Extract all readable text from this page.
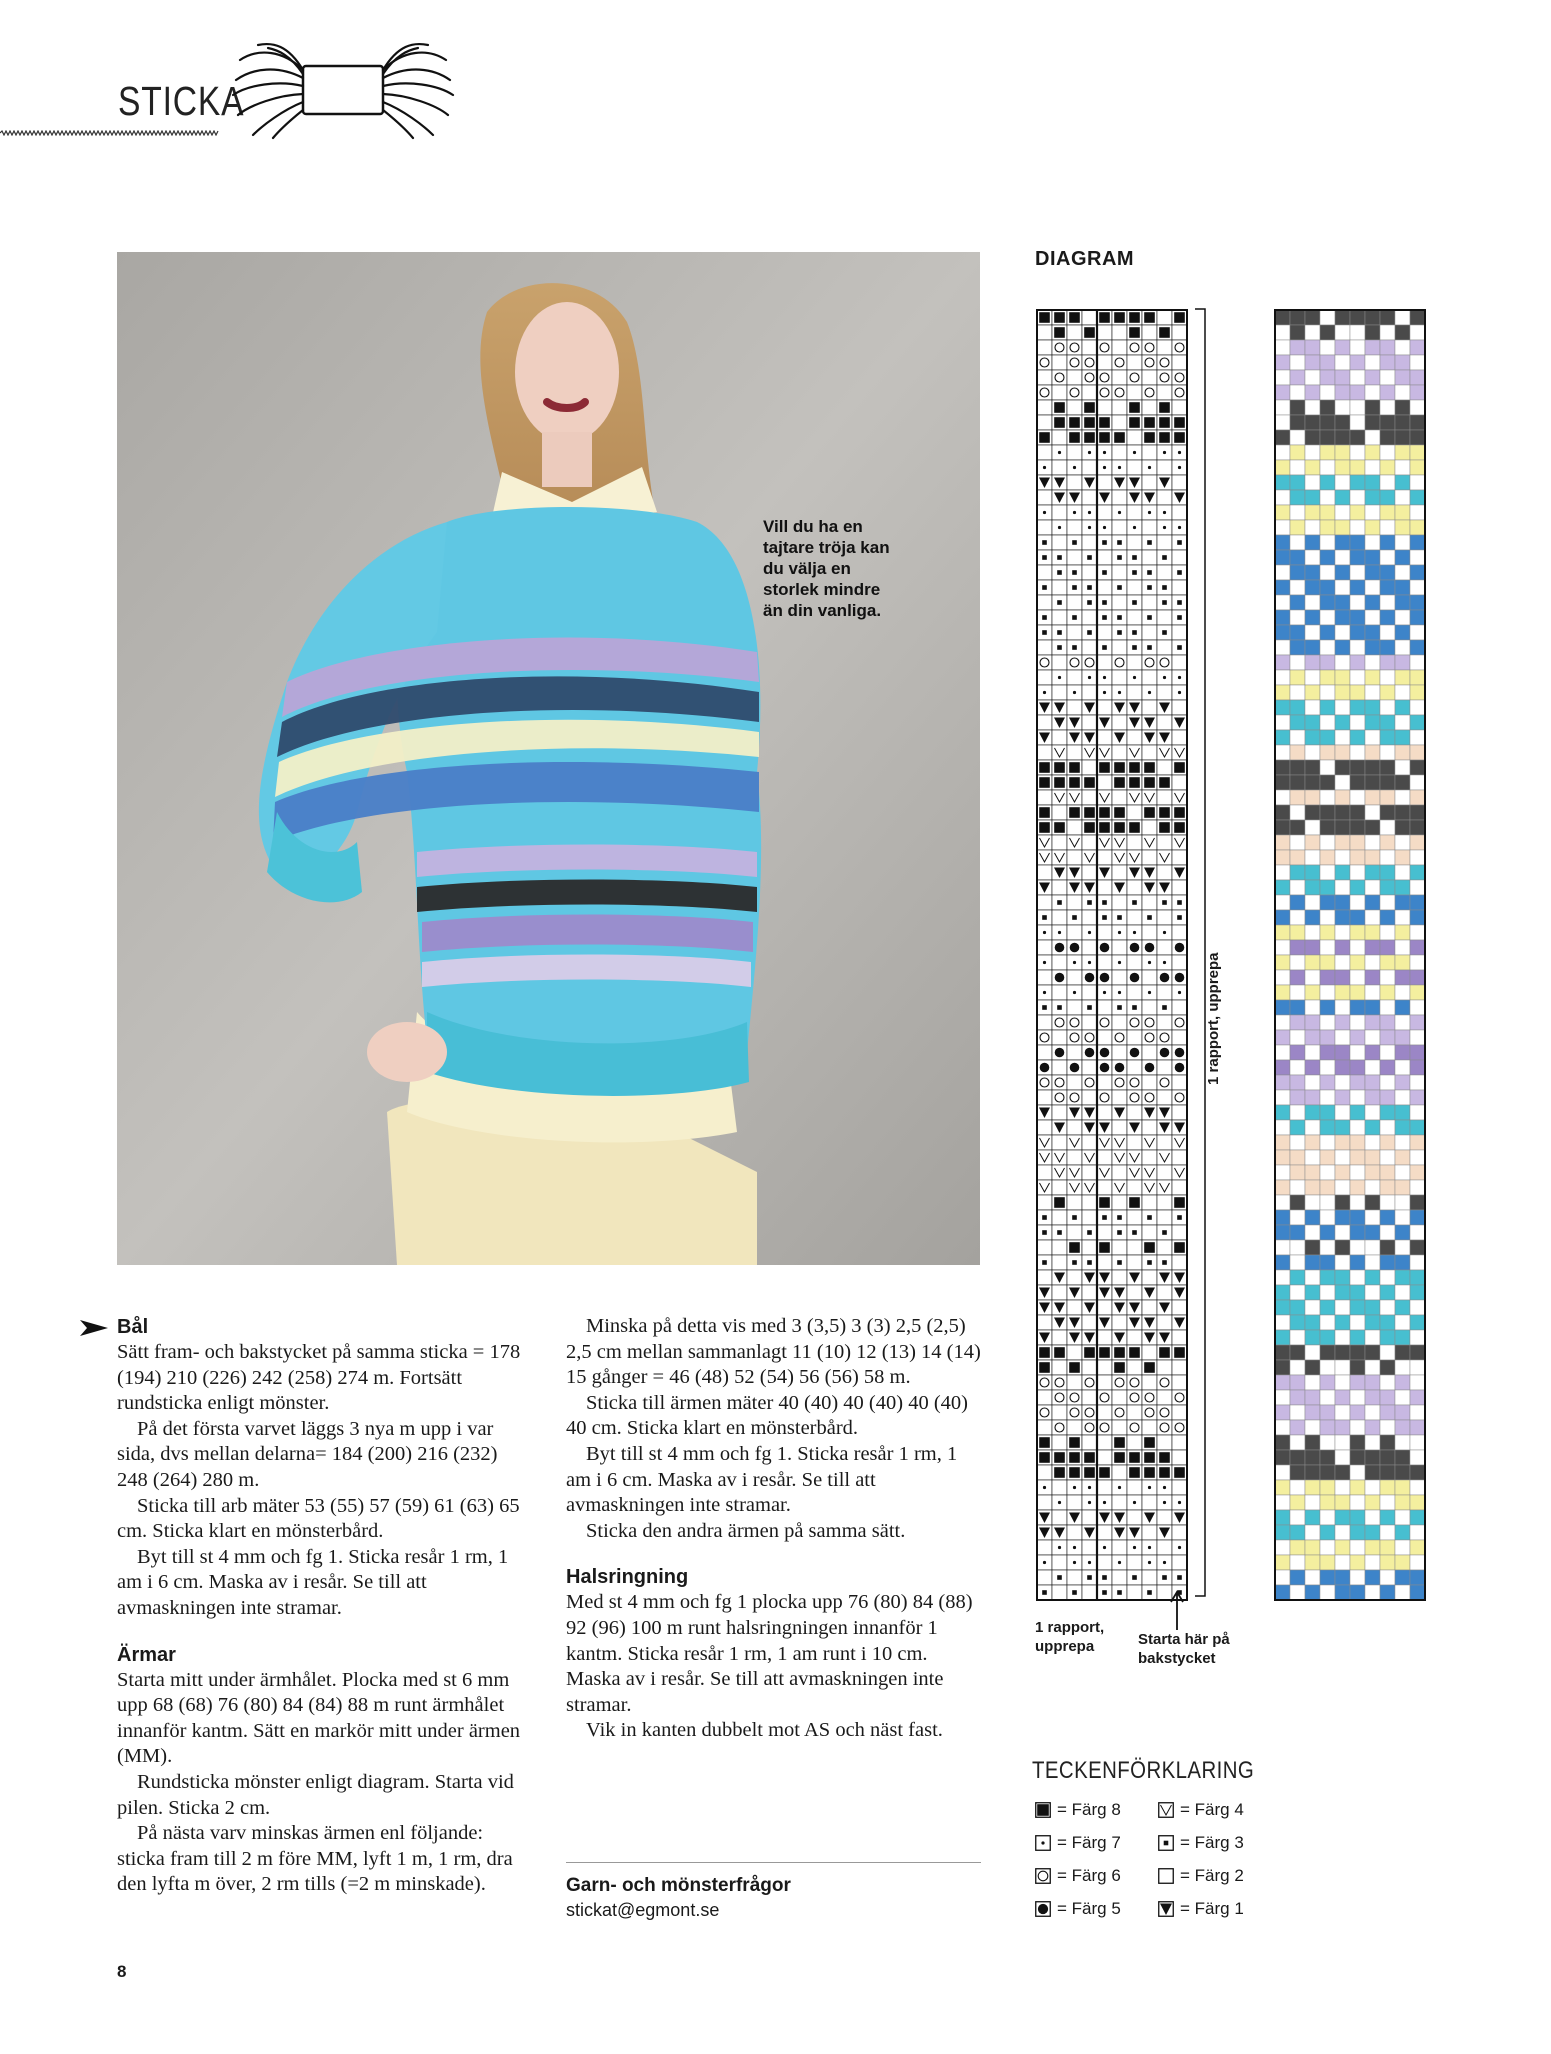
STICKA
Vill du ha en tajtare tröja kan du välja en storlek mindre än din vanliga.
Bål

Sätt fram- och bakstycket på samma sticka = 178 (194) 210 (226) 242 (258) 274 m. Fortsätt rundsticka enligt mönster.

På det första varvet läggs 3 nya m upp i var sida, dvs mellan delarna= 184 (200) 216 (232) 248 (264) 280 m.

Sticka till arb mäter 53 (55) 57 (59) 61 (63) 65 cm. Sticka klart en mönsterbård.

Byt till st 4 mm och fg 1. Sticka resår 1 rm, 1 am i 6 cm. Maska av i resår. Se till att avmaskningen inte stramar.

Ärmar

Starta mitt under ärmhålet. Plocka med st 6 mm upp 68 (68) 76 (80) 84 (84) 88 m runt ärmhålet innanför kantm. Sätt en markör mitt under ärmen (MM).

Rundsticka mönster enligt diagram. Starta vid pilen. Sticka 2 cm.

På nästa varv minskas ärmen enl följande: sticka fram till 2 m före MM, lyft 1 m, 1 rm, dra den lyfta m över, 2 rm tills (=2 m minskade).

Minska på detta vis med 3 (3,5) 3 (3) 2,5 (2,5) 2,5 cm mellan sammanlagt 11 (10) 12 (13) 14 (14) 15 gånger = 46 (48) 52 (54) 56 (56) 58 m.

Sticka till ärmen mäter 40 (40) 40 (40) 40 (40) 40 cm. Sticka klart en mönsterbård.

Byt till st 4 mm och fg 1. Sticka resår 1 rm, 1 am i 6 cm. Maska av i resår. Se till att avmaskningen inte stramar.

Sticka den andra ärmen på samma sätt.

Halsringning

Med st 4 mm och fg 1 plocka upp 76 (80) 84 (88) 92 (96) 100 m runt halsringningen innanför 1 kantm. Sticka resår 1 rm, 1 am runt i 10 cm. Maska av i resår. Se till att avmaskningen inte stramar.

Vik in kanten dubbelt mot AS och näst fast.

Garn- och mönsterfrågor
stickat@egmont.se
8
DIAGRAM
1 rapport, upprepa
1 rapport, upprepa	Starta här på bakstycket
TECKENFÖRKLARING
= Färg 8	= Färg 4
= Färg 7	= Färg 3
= Färg 6	= Färg 2
= Färg 5	= Färg 1
